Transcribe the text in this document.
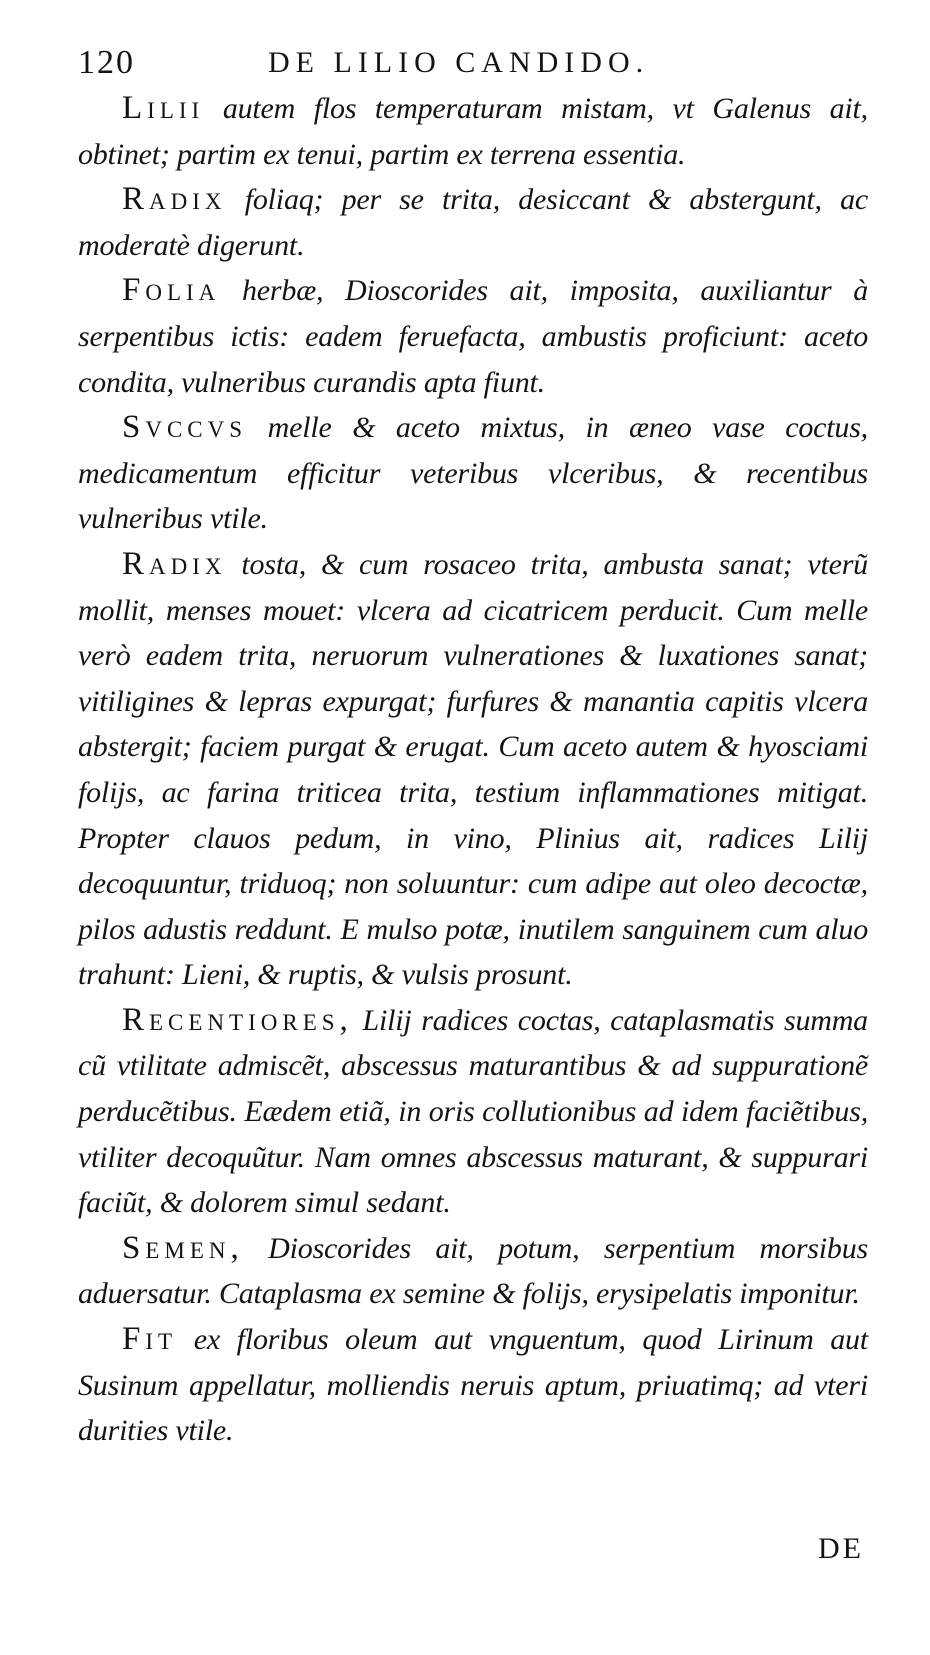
120	DE LILIO CANDIDO.

Lilii autem flos temperaturam mistam, vt Galenus ait, obtinet; partim ex tenui, partim ex terrena essentia.

Radix foliaq; per se trita, desiccant & abstergunt, ac moderatè digerunt.

Folia herbæ, Dioscorides ait, imposita, auxiliantur à serpentibus ictis: eadem feruefacta, ambustis proficiunt: aceto condita, vulneribus curandis apta fiunt.

Svccvs melle & aceto mixtus, in æneo vase coctus, medicamentum efficitur veteribus vlceribus, & recentibus vulneribus vtile.

Radix tosta, & cum rosaceo trita, ambusta sanat; vterũ mollit, menses mouet: vlcera ad cicatricem perducit. Cum melle verò eadem trita, neruorum vulnerationes & luxationes sanat; vitiligines & lepras expurgat; furfures & manantia capitis vlcera abstergit; faciem purgat & erugat. Cum aceto autem & hyosciami folijs, ac farina triticea trita, testium inflammationes mitigat. Propter clauos pedum, in vino, Plinius ait, radices Lilij decoquuntur, triduoq; non soluuntur: cum adipe aut oleo decoctæ, pilos adustis reddunt. E mulso potæ, inutilem sanguinem cum aluo trahunt: Lieni, & ruptis, & vulsis prosunt.

Recentiores, Lilij radices coctas, cataplasmatis summa cũ vtilitate admiscẽt, abscessus maturantibus & ad suppurationẽ perducẽtibus. Eædem etiã, in oris collutionibus ad idem faciẽtibus, vtiliter decoquũtur. Nam omnes abscessus maturant, & suppurari faciũt, & dolorem simul sedant.

Semen, Dioscorides ait, potum, serpentium morsibus aduersatur. Cataplasma ex semine & folijs, erysipelatis imponitur.

Fit ex floribus oleum aut vnguentum, quod Lirinum aut Susinum appellatur, molliendis neruis aptum, priuatimq; ad vteri durities vtile.

DE
